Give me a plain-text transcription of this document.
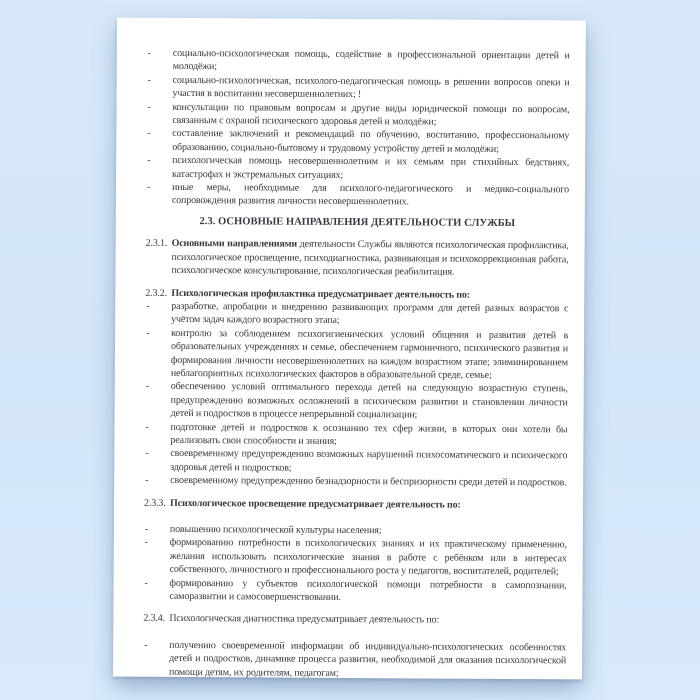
- социально-психологическая помощь, содействие в профессиональной ориентации детей и молодёжи;
- социально-психологическая, психолого-педагогическая помощь в решении вопросов опеки и участия в воспитании несовершеннолетних; !
- консультации по правовым вопросам и другие виды юридической помощи по вопросам, связанным с охраной психического здоровья детей и молодёжи;
- составление заключений и рекомендаций по обучению, воспитанию, профессиональному образованию, социально-бытовому и трудовому устройству детей и молодёжи;
- психологическая помощь несовершеннолетним и их семьям при стихийных бедствиях, катастрофах и экстремальных ситуациях;
- иные меры, необходимые для психолого-педагогического и медико-социального сопровождения развития личности несовершеннолетних.
2.3. ОСНОВНЫЕ НАПРАВЛЕНИЯ ДЕЯТЕЛЬНОСТИ СЛУЖБЫ
2.3.1. Основными направлениями деятельности Службы являются психологическая профилактика, психологическое просвещение, психодиагностика, развивающая и психокоррекционная работа, психологическое консультирование, психологическая реабилитация.
2.3.2. Психологическая профилактика предусматривает деятельность по:
- разработке, апробации и внедрению развивающих программ для детей разных возрастов с учётом задач каждого возрастного этапа;
- контролю за соблюдением психогигиенических условий общения и развития детей в образовательных учреждениях и семье, обеспечением гармоничного, психического развития и формирования личности несовершеннолетних на каждом возрастном этапе; элиминированием неблагоприятных психологических факторов в образовательной среде, семье;
- обеспечению условий оптимального перехода детей на следующую возрастную ступень, предупреждению возможных осложнений в психическом развитии и становлении личности детей и подростков в процессе непрерывной социализации;
- подготовке детей и подростков к осознанию тех сфер жизни, в которых они хотели бы реализовать свои способности и знания;
- своевременному предупреждению возможных нарушений психосоматического и психического здоровья детей и подростков;
- своевременному предупреждению безнадзорности и беспризорности среди детей и подростков.
2.3.3. Психологическое просвещение предусматривает деятельность по:
- повышению психологической культуры населения;
- формированию потребности в психологических знаниях и их практическому применению, желания использовать психологические знания в работе с ребёнком или в интересах собственного, личностного и профессионального роста у педагогов, воспитателей, родителей;
- формированию у субъектов психологической помощи потребности в самопознании, саморазвитии и самосовершенствовании.
2.3.4. Психологическая диагностика предусматривает деятельность по:
- получению своевременной информации об индивидуально-психологических особенностях детей и подростков, динамике процесса развития, необходимой для оказания психологической помощи детям, их родителям, педагогам;
